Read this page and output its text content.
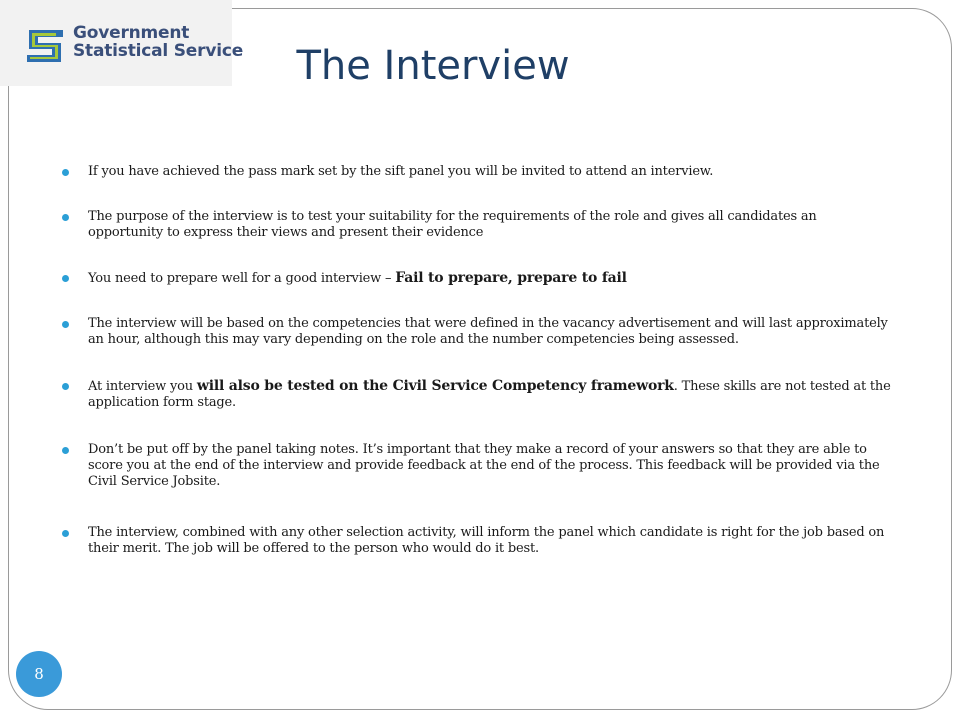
Government
Statistical Service	The Interview
If you have achieved the pass mark set by the sift panel you will be invited to attend an interview.
The purpose of the interview is to test your suitability for the requirements of the role and gives all candidates an opportunity to express their views and present their evidence
You need to prepare well for a good interview – Fail to prepare, prepare to fail
The interview will be based on the competencies that were defined in the vacancy advertisement and will last approximately an hour, although this may vary depending on the role and the number competencies being assessed.
At interview you will also be tested on the Civil Service Competency framework. These skills are not tested at the application form stage.
Don’t be put off by the panel taking notes. It’s important that they make a record of your answers so that they are able to score you at the end of the interview and provide feedback at the end of the process. This feedback will be provided via the Civil Service Jobsite.
The interview, combined with any other selection activity, will inform the panel which candidate is right for the job based on their merit. The job will be offered to the person who would do it best.
8
